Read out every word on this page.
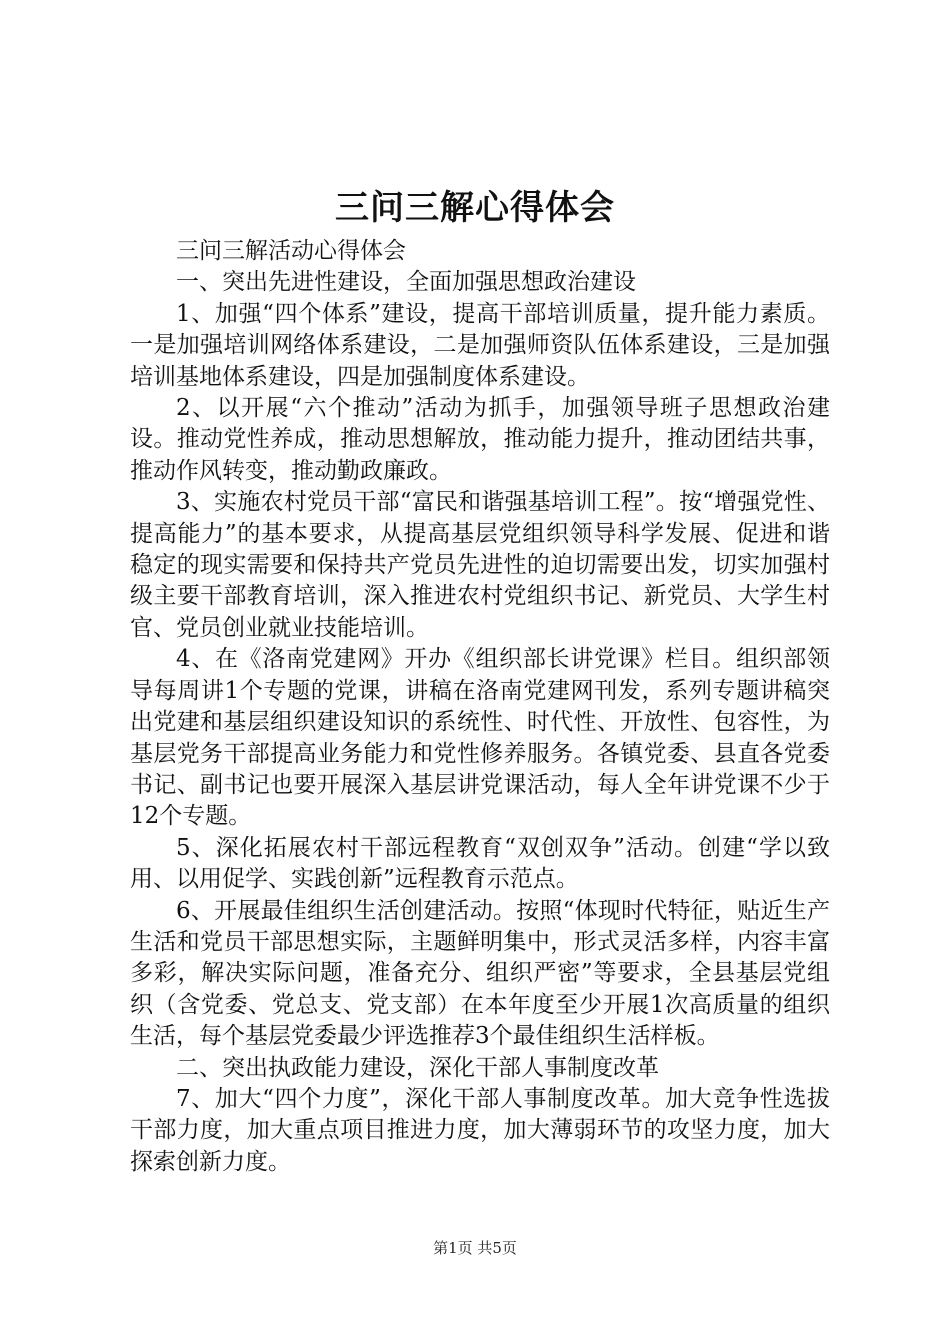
三问三解心得体会

三问三解活动心得体会

一、突出先进性建设，全面加强思想政治建设

1、加强“四个体系”建设，提高干部培训质量，提升能力素质。一是加强培训网络体系建设，二是加强师资队伍体系建设，三是加强培训基地体系建设，四是加强制度体系建设。

2、以开展“六个推动”活动为抓手，加强领导班子思想政治建设。推动党性养成，推动思想解放，推动能力提升，推动团结共事，推动作风转变，推动勤政廉政。

3、实施农村党员干部“富民和谐强基培训工程”。按“增强党性、提高能力”的基本要求，从提高基层党组织领导科学发展、促进和谐稳定的现实需要和保持共产党员先进性的迫切需要出发，切实加强村级主要干部教育培训，深入推进农村党组织书记、新党员、大学生村官、党员创业就业技能培训。

4、在《洛南党建网》开办《组织部长讲党课》栏目。组织部领导每周讲1个专题的党课，讲稿在洛南党建网刊发，系列专题讲稿突出党建和基层组织建设知识的系统性、时代性、开放性、包容性，为基层党务干部提高业务能力和党性修养服务。各镇党委、县直各党委书记、副书记也要开展深入基层讲党课活动，每人全年讲党课不少于12个专题。

5、深化拓展农村干部远程教育“双创双争”活动。创建“学以致用、以用促学、实践创新”远程教育示范点。

6、开展最佳组织生活创建活动。按照“体现时代特征，贴近生产生活和党员干部思想实际，主题鲜明集中，形式灵活多样，内容丰富多彩，解决实际问题，准备充分、组织严密”等要求，全县基层党组织（含党委、党总支、党支部）在本年度至少开展1次高质量的组织生活，每个基层党委最少评选推荐3个最佳组织生活样板。

二、突出执政能力建设，深化干部人事制度改革

7、加大“四个力度”，深化干部人事制度改革。加大竞争性选拔干部力度，加大重点项目推进力度，加大薄弱环节的攻坚力度，加大探索创新力度。

第1页 共5页
